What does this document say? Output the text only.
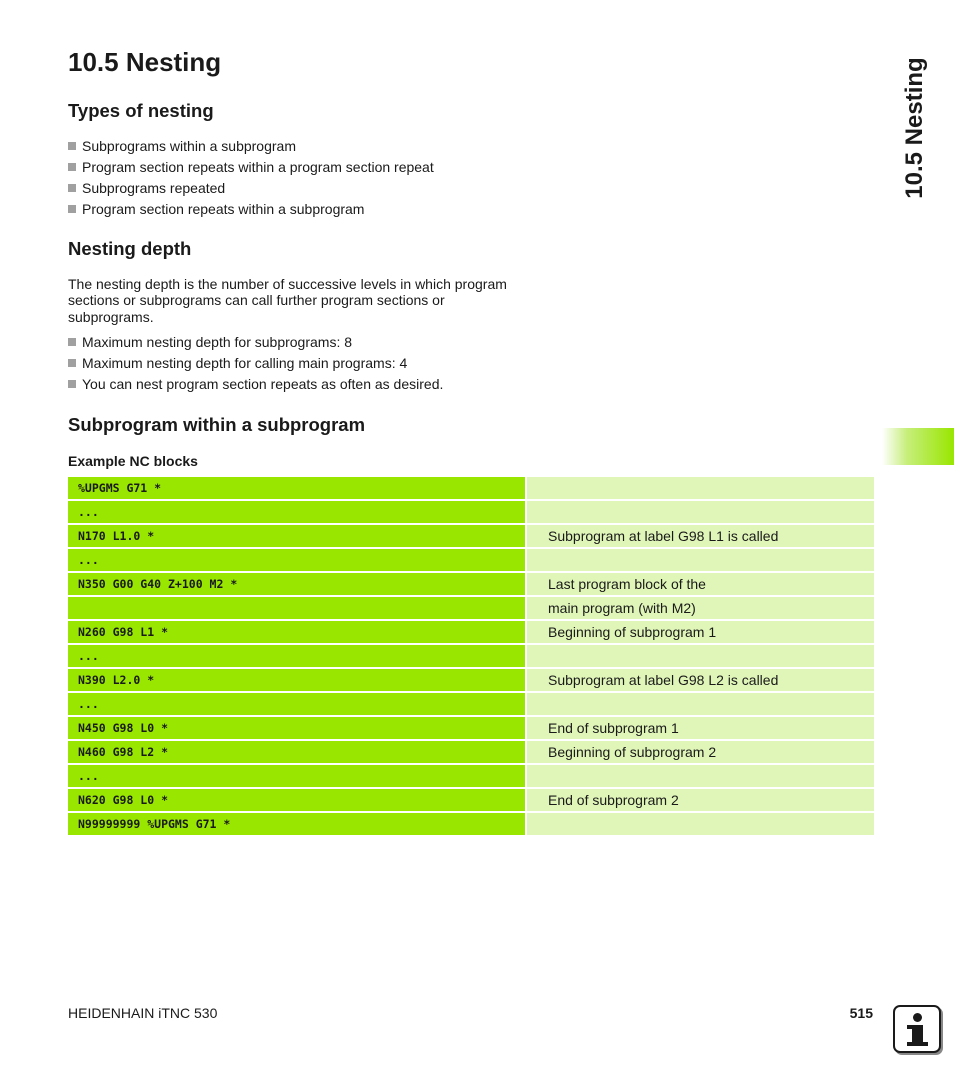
10.5 Nesting	10.5 Nesting
Types of nesting
Subprograms within a subprogram
Program section repeats within a program section repeat
Subprograms repeated
Program section repeats within a subprogram
Nesting depth

The nesting depth is the number of successive levels in which program sections or subprograms can call further program sections or subprograms.

Maximum nesting depth for subprograms: 8
Maximum nesting depth for calling main programs: 4
You can nest program section repeats as often as desired.
Subprogram within a subprogram

Example NC blocks

%UPGMS G71 *		
...		
N170 L1.0 *		Subprogram at label G98 L1 is called
...		
N350 G00 G40 Z+100 M2 *		Last program block of the
		main program (with M2)
N260 G98 L1 *		Beginning of subprogram 1
...		
N390 L2.0 *		Subprogram at label G98 L2 is called
...		
N450 G98 L0 *		End of subprogram 1
N460 G98 L2 *		Beginning of subprogram 2
...		
N620 G98 L0 *		End of subprogram 2
N99999999 %UPGMS G71 *		
HEIDENHAIN iTNC 530	515
